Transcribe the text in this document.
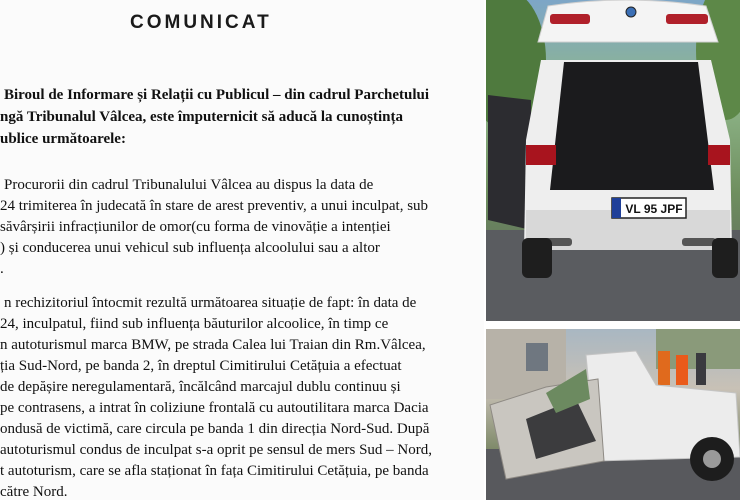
COMUNICAT
Biroul de Informare și Relații cu Publicul – din cadrul Parchetului
ngă Tribunalul Vâlcea, este împuternicit să aducă la cunoștința
ublice următoarele:
Procurorii din cadrul Tribunalului Vâlcea au dispus la data de
24 trimiterea în judecată în stare de arest preventiv, a unui inculpat, sub
săvârșirii infracțiunilor de omor(cu forma de vinovăție a intenției
) și conducerea unui vehicul sub influența alcoolului sau a altor
.
n rechizitoriul întocmit rezultă următoarea situație de fapt: în data de
24, inculpatul, fiind sub influența băuturilor alcoolice, în timp ce
n autoturismul marca BMW, pe strada Calea lui Traian din Rm.Vâlcea,
ția Sud-Nord, pe banda 2, în dreptul Cimitirului Cetățuia a efectuat
de depășire neregulamentară, încălcând marcajul dublu continuu și
pe contrasens, a intrat în coliziune frontală cu autoutilitara marca Dacia
ondusă de victimă, care circula pe banda 1 din direcția Nord-Sud. După
autoturismul condus de inculpat s-a oprit pe sensul de mers Sud – Nord,
t autoturism, care se afla staționat în fața Cimitirului Cetățuia, pe banda
către Nord.
VL 95 JPF
